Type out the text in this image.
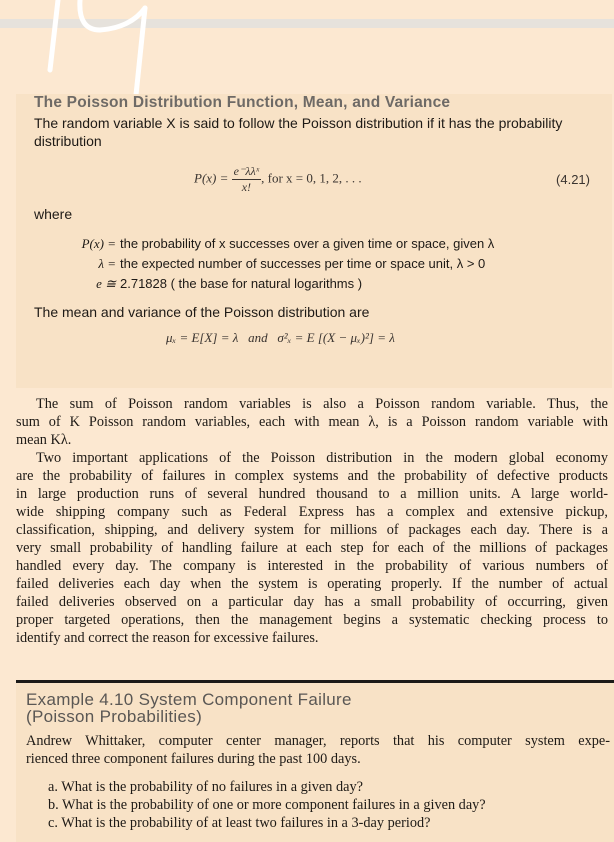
The Poisson Distribution Function, Mean, and Variance
The random variable X is said to follow the Poisson distribution if it has the probability distribution
$P(x) = \frac{\text{e⁻λλˣ}}{x!}$ , for x = 0, 1, 2, . . .	(4.21)
where
P(x) = the probability of x successes over a given time or space, given λ
λ = the expected number of successes per time or space unit, λ > 0
e ≅ 2.71828 ( the base for natural logarithms )
The mean and variance of the Poisson distribution are
μₓ = E[X] = λ   and   σ²ₓ = E [(X − μₓ)²] = λ
The sum of Poisson random variables is also a Poisson random variable. Thus, the
sum of K Poisson random variables, each with mean λ, is a Poisson random variable with
mean Kλ.
Two important applications of the Poisson distribution in the modern global economy
are the probability of failures in complex systems and the probability of defective products
in large production runs of several hundred thousand to a million units. A large world-
wide shipping company such as Federal Express has a complex and extensive pickup,
classification, shipping, and delivery system for millions of packages each day. There is a
very small probability of handling failure at each step for each of the millions of packages
handled every day. The company is interested in the probability of various numbers of
failed deliveries each day when the system is operating properly. If the number of actual
failed deliveries observed on a particular day has a small probability of occurring, given
proper targeted operations, then the management begins a systematic checking process to
identify and correct the reason for excessive failures.
Example 4.10 System Component Failure
(Poisson Probabilities)
Andrew Whittaker, computer center manager, reports that his computer system expe-
rienced three component failures during the past 100 days.
a. What is the probability of no failures in a given day?
b. What is the probability of one or more component failures in a given day?
c. What is the probability of at least two failures in a 3-day period?
